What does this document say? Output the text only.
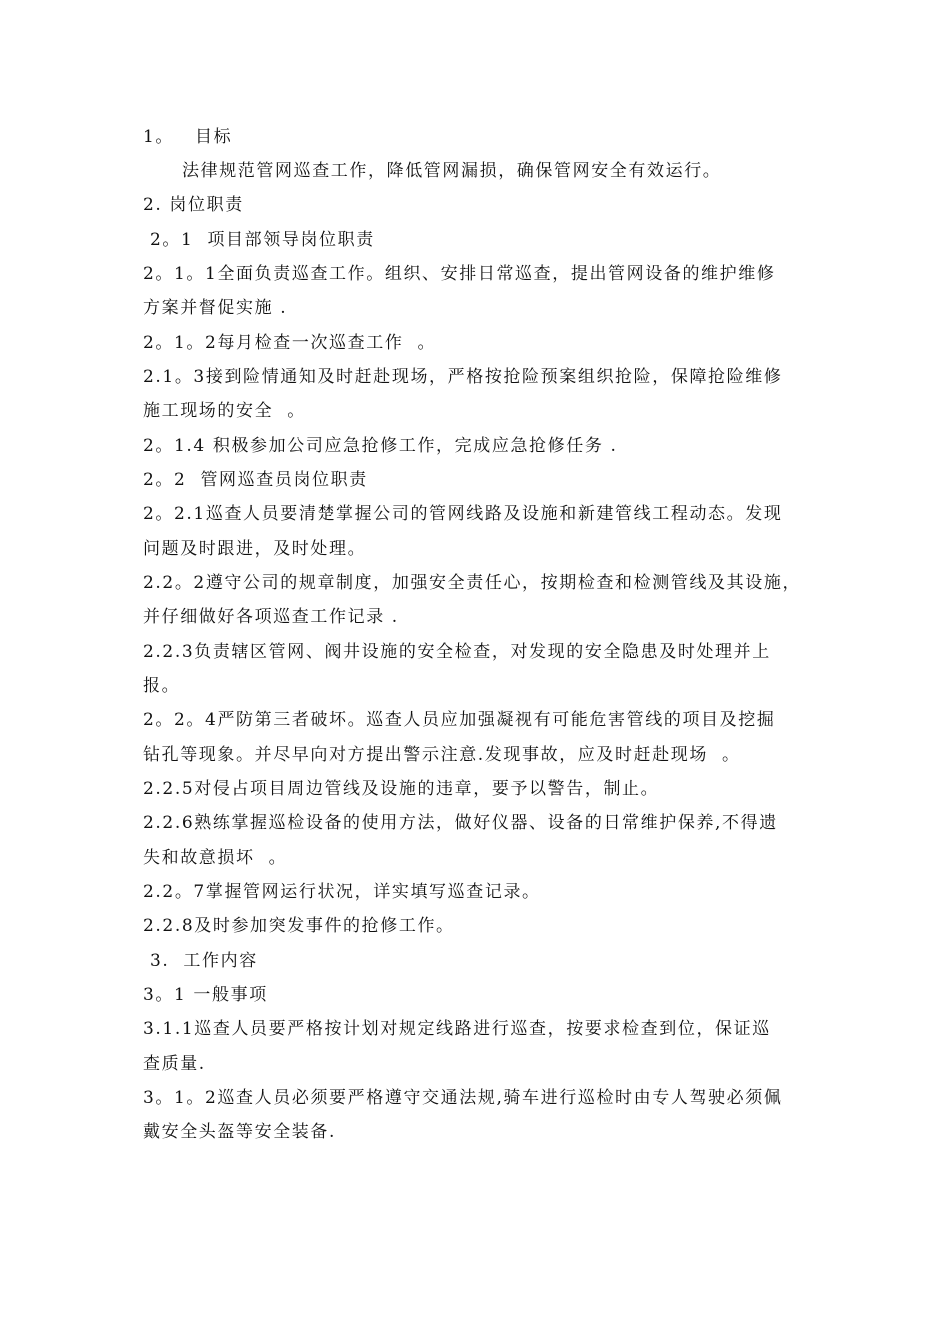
1。   目标
法律规范管网巡查工作，降低管网漏损，确保管网安全有效运行。
2. 岗位职责
2。1  项目部领导岗位职责
2。1。1全面负责巡查工作。组织、安排日常巡查，提出管网设备的维护维修
方案并督促实施 .
2。1。2每月检查一次巡查工作  。
2.1。3接到险情通知及时赶赴现场，严格按抢险预案组织抢险，保障抢险维修
施工现场的安全  。
2。1.4 积极参加公司应急抢修工作，完成应急抢修任务 .
2。2  管网巡查员岗位职责
2。2.1巡查人员要清楚掌握公司的管网线路及设施和新建管线工程动态。发现
问题及时跟进，及时处理。
2.2。2遵守公司的规章制度，加强安全责任心，按期检查和检测管线及其设施，
并仔细做好各项巡查工作记录 .
2.2.3负责辖区管网、阀井设施的安全检查，对发现的安全隐患及时处理并上
报。
2。2。4严防第三者破坏。巡查人员应加强凝视有可能危害管线的项目及挖掘
钻孔等现象。并尽早向对方提出警示注意.发现事故，应及时赶赴现场  。
2.2.5对侵占项目周边管线及设施的违章，要予以警告，制止。
2.2.6熟练掌握巡检设备的使用方法，做好仪器、设备的日常维护保养,不得遗
失和故意损坏  。
2.2。7掌握管网运行状况，详实填写巡查记录。
2.2.8及时参加突发事件的抢修工作。
3.  工作内容
3。1 一般事项
3.1.1巡查人员要严格按计划对规定线路进行巡查，按要求检查到位，保证巡
查质量.
3。1。2巡查人员必须要严格遵守交通法规,骑车进行巡检时由专人驾驶必须佩
戴安全头盔等安全装备.
